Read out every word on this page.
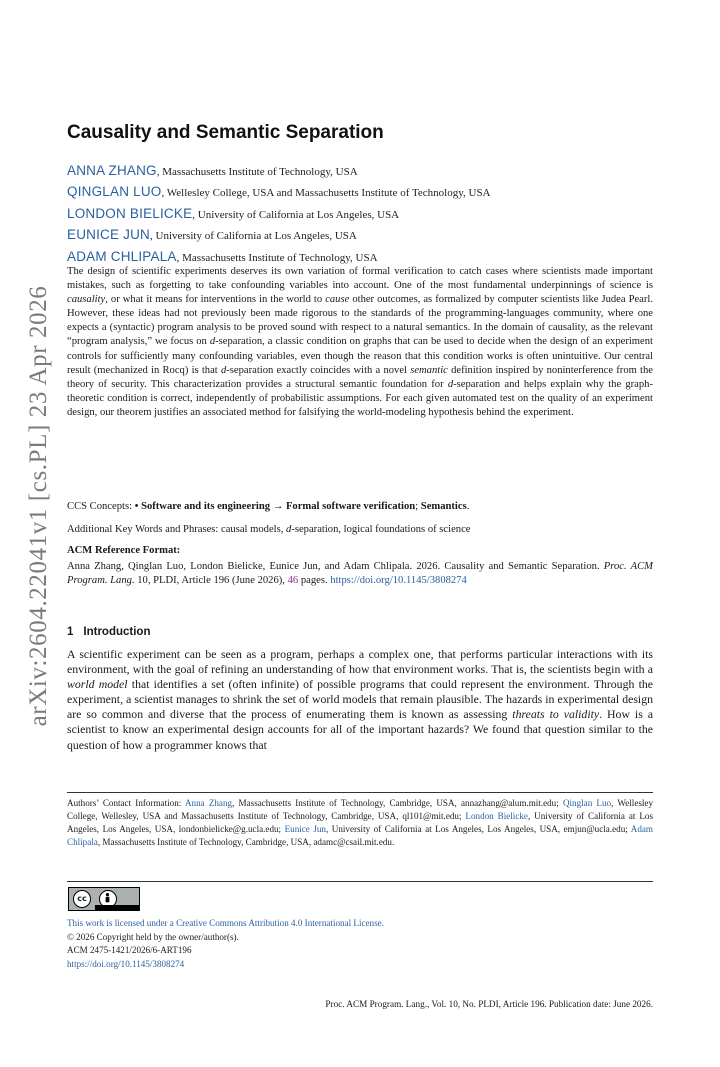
arXiv:2604.22041v1 [cs.PL] 23 Apr 2026
Causality and Semantic Separation
ANNA ZHANG, Massachusetts Institute of Technology, USA
QINGLAN LUO, Wellesley College, USA and Massachusetts Institute of Technology, USA
LONDON BIELICKE, University of California at Los Angeles, USA
EUNICE JUN, University of California at Los Angeles, USA
ADAM CHLIPALA, Massachusetts Institute of Technology, USA
The design of scientific experiments deserves its own variation of formal verification to catch cases where scientists made important mistakes, such as forgetting to take confounding variables into account. One of the most fundamental underpinnings of science is causality, or what it means for interventions in the world to cause other outcomes, as formalized by computer scientists like Judea Pearl. However, these ideas had not previously been made rigorous to the standards of the programming-languages community, where one expects a (syntactic) program analysis to be proved sound with respect to a natural semantics. In the domain of causality, as the relevant “program analysis,” we focus on d-separation, a classic condition on graphs that can be used to decide when the design of an experiment controls for sufficiently many confounding variables, even though the reason that this condition works is often unintuitive. Our central result (mechanized in Rocq) is that d-separation exactly coincides with a novel semantic definition inspired by noninterference from the theory of security. This characterization provides a structural semantic foundation for d-separation and helps explain why the graph-theoretic condition is correct, independently of probabilistic assumptions. For each given automated test on the quality of an experiment design, our theorem justifies an associated method for falsifying the world-modeling hypothesis behind the experiment.
CCS Concepts: • Software and its engineering → Formal software verification; Semantics.
Additional Key Words and Phrases: causal models, d-separation, logical foundations of science
ACM Reference Format:
Anna Zhang, Qinglan Luo, London Bielicke, Eunice Jun, and Adam Chlipala. 2026. Causality and Semantic Separation. Proc. ACM Program. Lang. 10, PLDI, Article 196 (June 2026), 46 pages. https://doi.org/10.1145/3808274
1 Introduction
A scientific experiment can be seen as a program, perhaps a complex one, that performs particular interactions with its environment, with the goal of refining an understanding of how that environment works. That is, the scientists begin with a world model that identifies a set (often infinite) of possible programs that could represent the environment. Through the experiment, a scientist manages to shrink the set of world models that remain plausible. The hazards in experimental design are so common and diverse that the process of enumerating them is known as assessing threats to validity. How is a scientist to know an experimental design accounts for all of the important hazards? We found that question similar to the question of how a programmer knows that
Authors’ Contact Information: Anna Zhang, Massachusetts Institute of Technology, Cambridge, USA, annazhang@alum.mit.edu; Qinglan Luo, Wellesley College, Wellesley, USA and Massachusetts Institute of Technology, Cambridge, USA, ql101@mit.edu; London Bielicke, University of California at Los Angeles, Los Angeles, USA, londonbielicke@g.ucla.edu; Eunice Jun, University of California at Los Angeles, Los Angeles, USA, emjun@ucla.edu; Adam Chlipala, Massachusetts Institute of Technology, Cambridge, USA, adamc@csail.mit.edu.
cc
This work is licensed under a Creative Commons Attribution 4.0 International License.
© 2026 Copyright held by the owner/author(s).
ACM 2475-1421/2026/6-ART196
https://doi.org/10.1145/3808274
Proc. ACM Program. Lang., Vol. 10, No. PLDI, Article 196. Publication date: June 2026.
